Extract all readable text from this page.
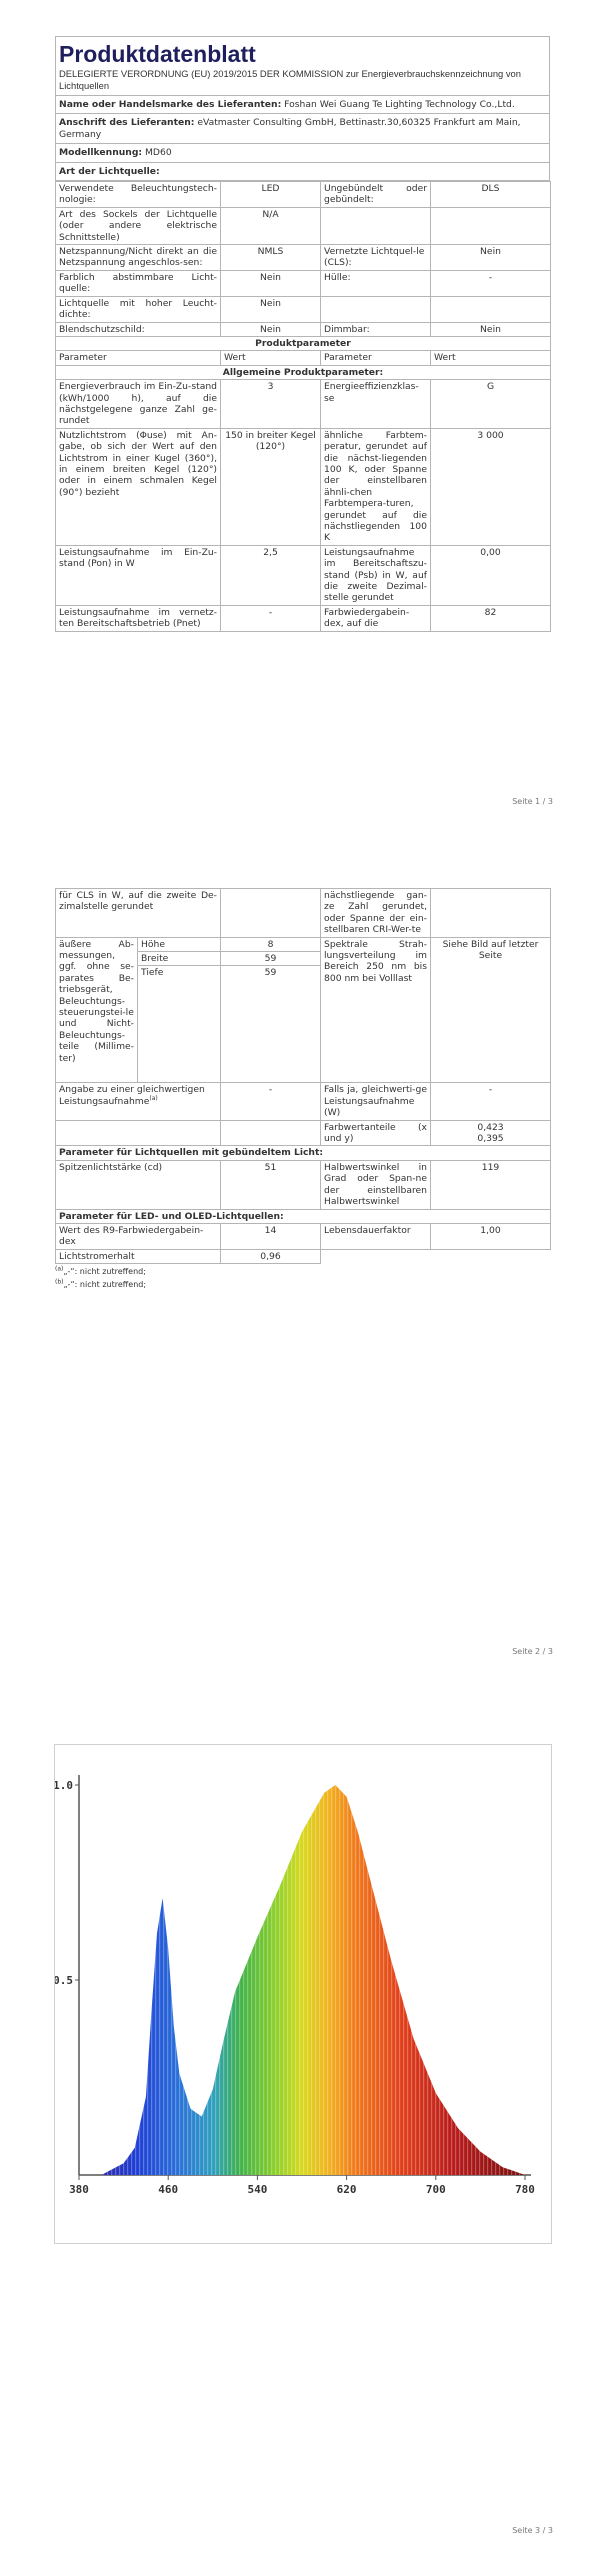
Produktdatenblatt
DELEGIERTE VERORDNUNG (EU) 2019/2015 DER KOMMISSION zur Energieverbrauchskennzeichnung von Lichtquellen

Name oder Handelsmarke des Lieferanten: Foshan Wei Guang Te Lighting Technology Co.,Ltd.
Anschrift des Lieferanten: eVatmaster Consulting GmbH, Bettinastr.30,60325 Frankfurt am Main, Germany
Modellkennung: MD60
Art der Lichtquelle:
Verwendete Beleuchtungstech-nologie:	LED	Ungebündelt oder gebündelt:	DLS
Art des Sockels der Lichtquelle (oder andere elektrische Schnittstelle)	N/A		
Netzspannung/Nicht direkt an die Netzspannung angeschlos-sen:	NMLS	Vernetzte Lichtquel-le (CLS):	Nein
Farblich abstimmbare Licht-quelle:	Nein	Hülle:	-
Lichtquelle mit hoher Leucht-dichte:	Nein		
Blendschutzschild:	Nein	Dimmbar:	Nein
Produktparameter			
Parameter	Wert	Parameter	Wert
Allgemeine Produktparameter:			
Energieverbrauch im Ein-Zu-stand (kWh/1000 h), auf die nächstgelegene ganze Zahl ge-rundet	3	Energieeffizienzklas-se	G
Nutzlichtstrom (Φuse) mit An-gabe, ob sich der Wert auf den Lichtstrom in einer Kugel (360°), in einem breiten Kegel (120°) oder in einem schmalen Kegel (90°) bezieht	150 in breiter Kegel (120°)	ähnliche Farbtem-peratur, gerundet auf die nächst-liegenden 100 K, oder Spanne der einstellbaren ähnli-chen Farbtempera-turen, gerundet auf die nächstliegenden 100 K	3 000
Leistungsaufnahme im Ein-Zu-stand (Pon) in W	2,5	Leistungsaufnahme im Bereitschaftszu-stand (Psb) in W, auf die zweite Dezimal-stelle gerundet	0,00
Leistungsaufnahme im vernetz-ten Bereitschaftsbetrieb (Pnet)	-	Farbwiedergabein-dex, auf die	82
Seite 1 / 3
für CLS in W, auf die zweite De-zimalstelle gerundet			nächstliegende gan-ze Zahl gerundet, oder Spanne der ein-stellbaren CRI-Wer-te	
äußere Ab-messungen, ggf. ohne se-parates Be-triebsgerät, Beleuchtungs-steuerungstei-le und Nicht-Beleuchtungs-teile (Millime-ter)	Höhe	8	Spektrale Strah-lungsverteilung im Bereich 250 nm bis 800 nm bei Volllast	Siehe Bild auf letzter Seite
	Breite	59		
	Tiefe	59		
Angabe zu einer gleichwertigen Leistungsaufnahme$^{(a)}$		-	Falls ja, gleichwerti-ge Leistungsaufnahme (W)	-
			Farbwertanteile (x und y)	0,423
0,395

Parameter für Lichtquellen mit gebündeltem Licht:				
Spitzenlichtstärke (cd)		51	Halbwertswinkel in Grad oder Span-ne der einstellbaren Halbwertswinkel	119
Parameter für LED- und OLED-Lichtquellen:				
Wert des R9-Farbwiedergabein-dex		14	Lebensdauerfaktor	1,00
Lichtstromerhalt		0,96		
$^{(a)}$„-“: nicht zutreffend;
$^{(b)}$„-“: nicht zutreffend;
Seite 2 / 3
Seite 3 / 3
380	460	540	620	700	780
0.5
1.0
